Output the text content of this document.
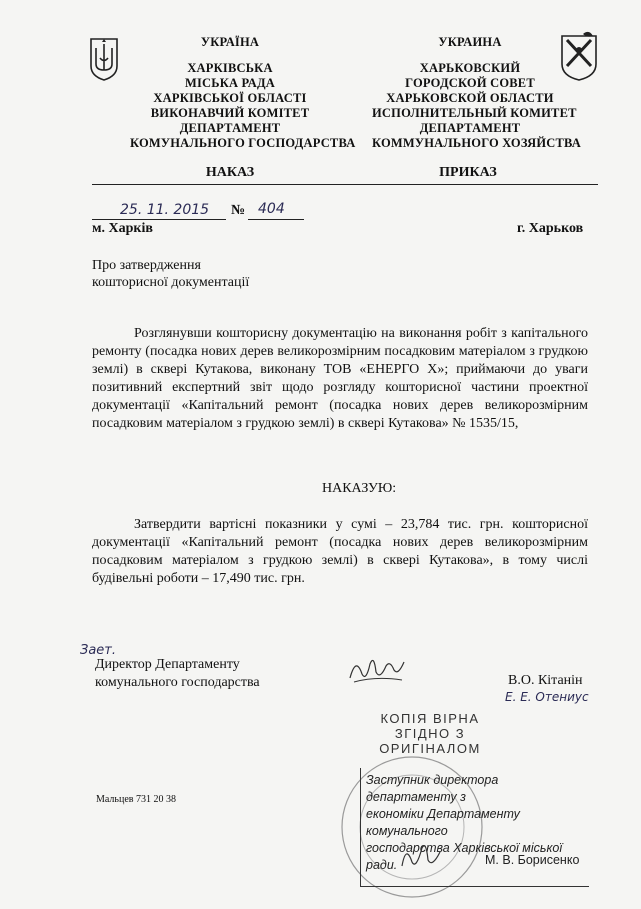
УКРАЇНА
ХАРКІВСЬКА
МІСЬКА РАДА
ХАРКІВСЬКОЇ ОБЛАСТІ
ВИКОНАВЧИЙ КОМІТЕТ
ДЕПАРТАМЕНТ
КОМУНАЛЬНОГО ГОСПОДАРСТВА
УКРАИНА
ХАРЬКОВСКИЙ
ГОРОДСКОЙ СОВЕТ
ХАРЬКОВСКОЙ ОБЛАСТИ
ИСПОЛНИТЕЛЬНЫЙ КОМИТЕТ
ДЕПАРТАМЕНТ
КОММУНАЛЬНОГО ХОЗЯЙСТВА
НАКАЗ	ПРИКАЗ
25. 11. 2015 № 404
м. Харків	г. Харьков
Про затвердження
кошторисної документації
Розглянувши кошторисну документацію на виконання робіт з капітального ремонту (посадка нових дерев великорозмірним посадковим матеріалом з грудкою землі) в сквері Кутакова, виконану ТОВ «ЕНЕРГО Х»; приймаючи до уваги позитивний експертний звіт щодо розгляду кошторисної частини проектної документації «Капітальний ремонт (посадка нових дерев великорозмірним посадковим матеріалом з грудкою землі) в сквері Кутакова» № 1535/15,
НАКАЗУЮ:
Затвердити вартісні показники у сумі – 23,784 тис. грн. кошторисної документації «Капітальний ремонт (посадка нових дерев великорозмірним посадковим матеріалом з грудкою землі) в сквері Кутакова», в тому числі будівельні роботи – 17,490 тис. грн.
Зает.
Директор Департаменту
комунального господарства	В.О. Кітанін
Е. Е. Отениус
КОПІЯ ВІРНА
ЗГІДНО З
ОРИГІНАЛОМ
Заступник директора департаменту з
економіки Департаменту комунального
господарства Харківської міської ради.	М. В. Борисенко
Мальцев 731 20 38
